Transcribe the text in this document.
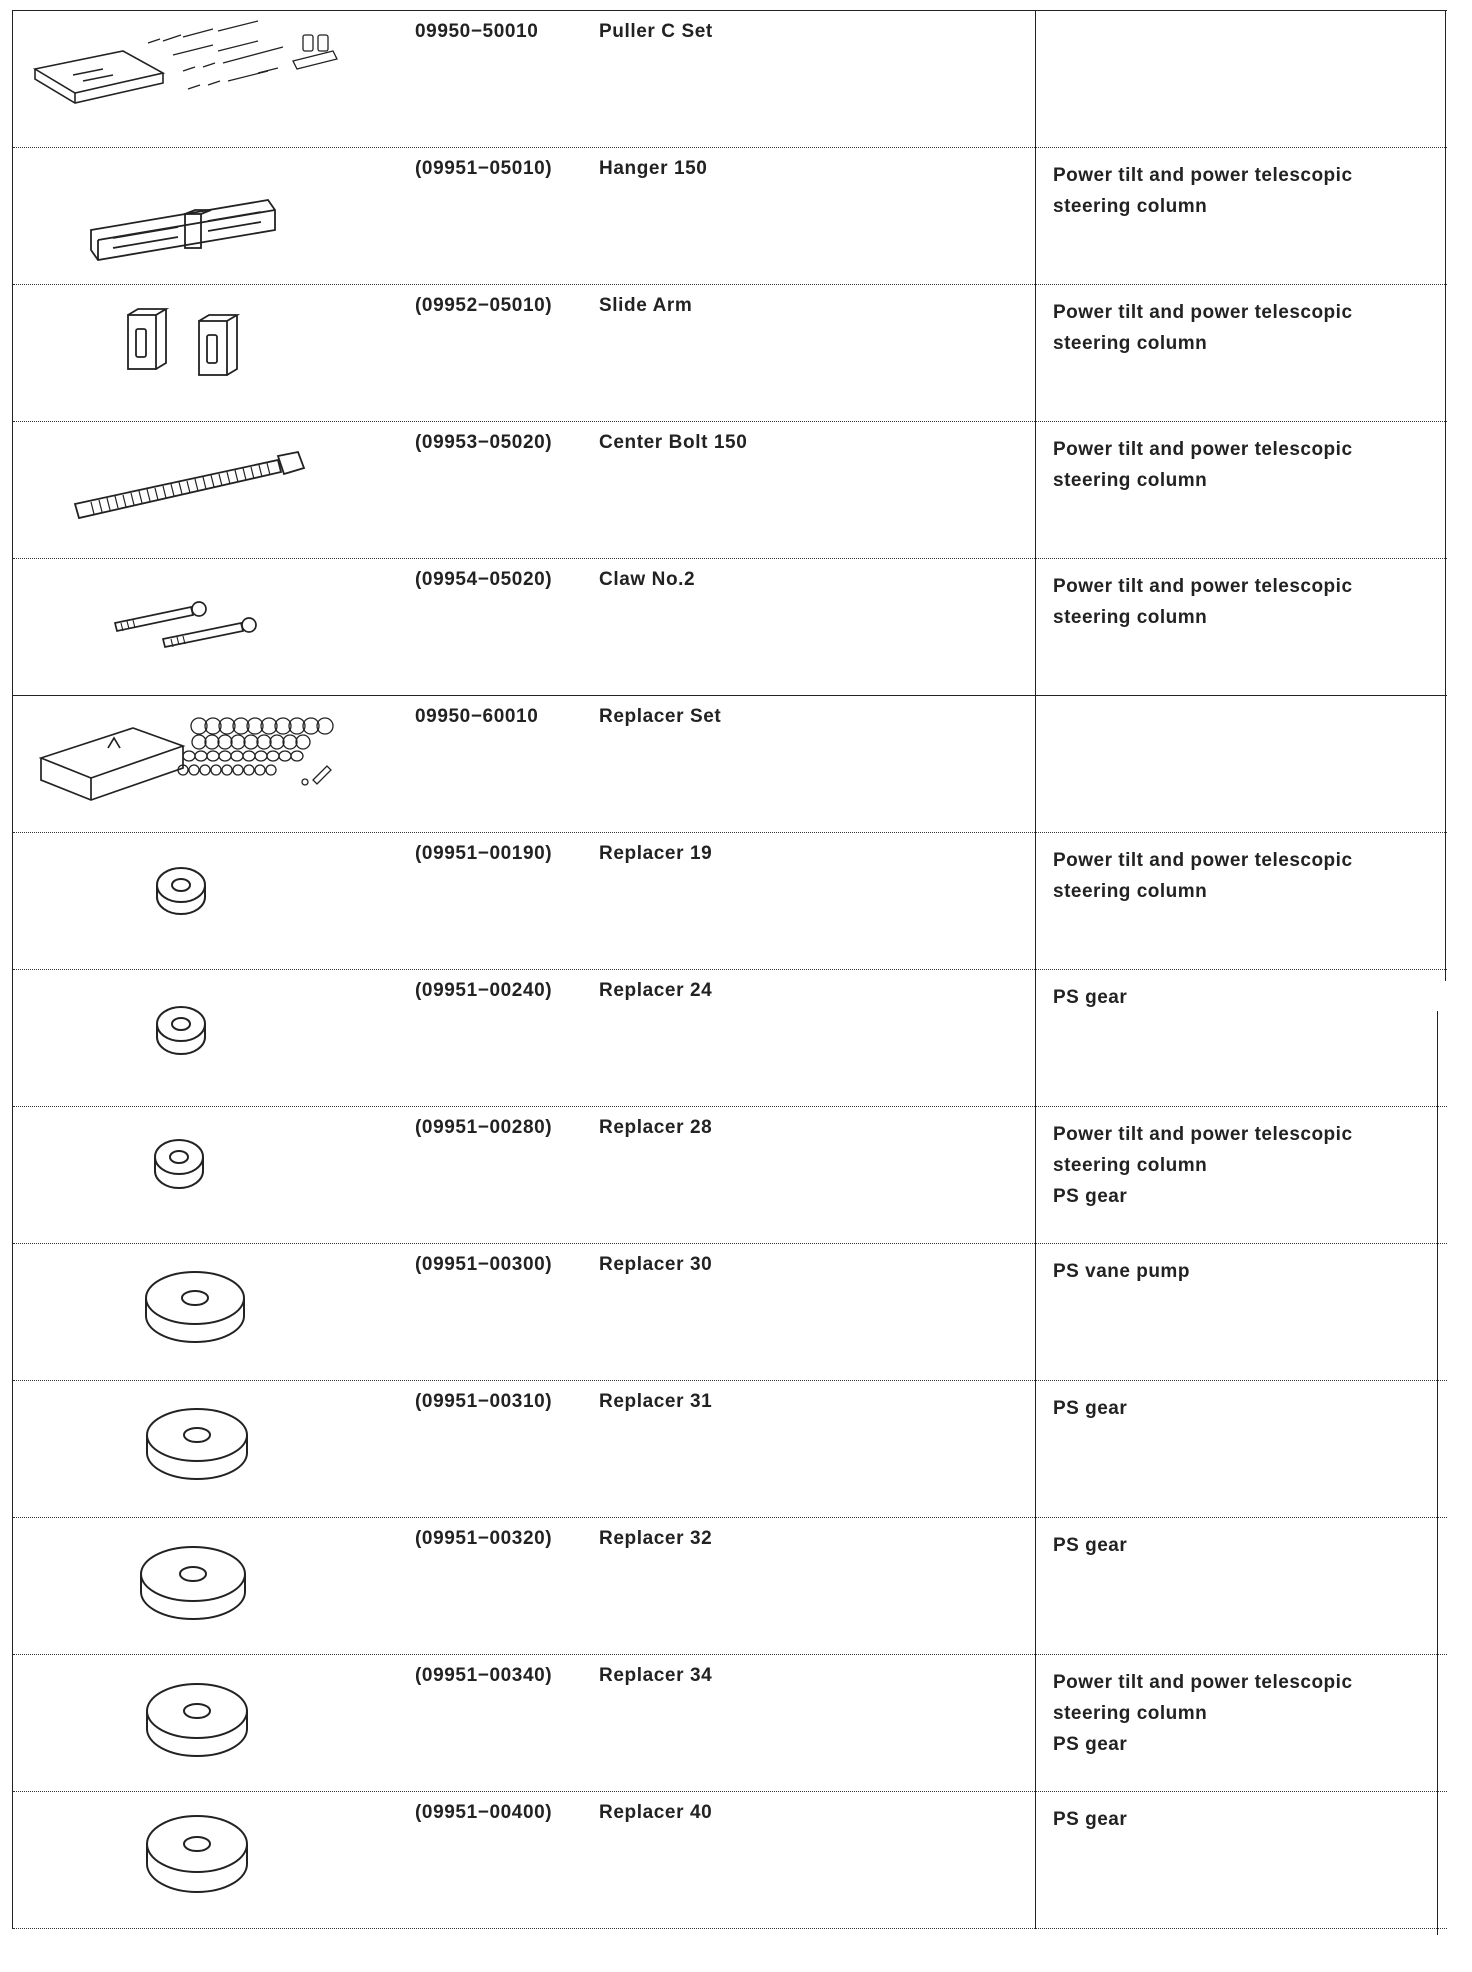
09950−50010	Puller C Set
(09951−05010) Hanger 150	Power tilt and power telescopic
steering column
(09952−05010) Slide Arm	Power tilt and power telescopic
steering column
(09953−05020) Center Bolt 150	Power tilt and power telescopic
steering column
(09954−05020) Claw No.2	Power tilt and power telescopic
steering column
09950−60010	Replacer Set
(09951−00190) Replacer 19	Power tilt and power telescopic
steering column
(09951−00240) Replacer 24	PS gear
(09951−00280) Replacer 28	Power tilt and power telescopic
steering column
PS gear
(09951−00300) Replacer 30	PS vane pump
(09951−00310) Replacer 31	PS gear
(09951−00320) Replacer 32	PS gear
(09951−00340) Replacer 34	Power tilt and power telescopic
steering column
PS gear
(09951−00400) Replacer 40	PS gear
